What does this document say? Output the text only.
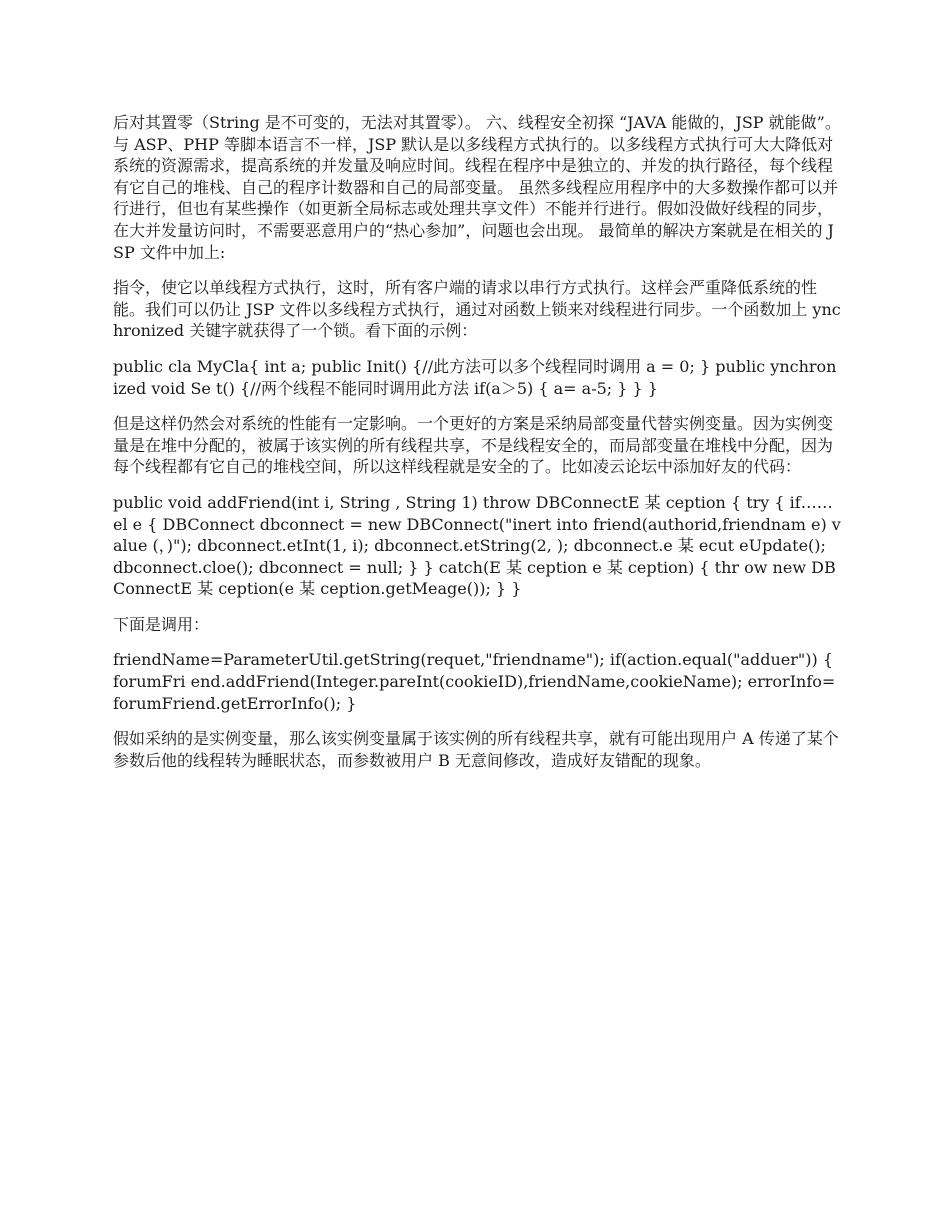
后对其置零（String 是不可变的，无法对其置零）。 六、线程安全初探 “JAVA 能做的，JSP 就能做”。与 ASP、PHP 等脚本语言不一样，JSP 默认是以多线程方式执行的。以多线程方式执行可大大降低对系统的资源需求，提高系统的并发量及响应时间。线程在程序中是独立的、并发的执行路径，每个线程有它自己的堆栈、自己的程序计数器和自己的局部变量。 虽然多线程应用程序中的大多数操作都可以并行进行，但也有某些操作（如更新全局标志或处理共享文件）不能并行进行。假如没做好线程的同步，在大并发量访问时，不需要恶意用户的“热心参加”，问题也会出现。 最简单的解决方案就是在相关的 JSP 文件中加上:

指令，使它以单线程方式执行，这时，所有客户端的请求以串行方式执行。这样会严重降低系统的性能。我们可以仍让 JSP 文件以多线程方式执行，通过对函数上锁来对线程进行同步。一个函数加上 ynchronized 关键字就获得了一个锁。看下面的示例：

public cla MyCla{ int a; public Init() {//此方法可以多个线程同时调用 a = 0; } public ynchronized void Se t() {//两个线程不能同时调用此方法 if(a＞5) { a= a-5; } } }

但是这样仍然会对系统的性能有一定影响。一个更好的方案是采纳局部变量代替实例变量。因为实例变量是在堆中分配的，被属于该实例的所有线程共享，不是线程安全的，而局部变量在堆栈中分配，因为每个线程都有它自己的堆栈空间，所以这样线程就是安全的了。比如凌云论坛中添加好友的代码：

public void addFriend(int i, String , String 1) throw DBConnectE 某 ception { try { if…… el e { DBConnect dbconnect = new DBConnect("inert into friend(authorid,friendnam e) value (，)"); dbconnect.etInt(1, i); dbconnect.etString(2, ); dbconnect.e 某 ecut eUpdate(); dbconnect.cloe(); dbconnect = null; } } catch(E 某 ception e 某 ception) { thr ow new DBConnectE 某 ception(e 某 ception.getMeage()); } }

下面是调用：

friendName=ParameterUtil.getString(requet,"friendname"); if(action.equal("adduer")) { forumFri end.addFriend(Integer.pareInt(cookieID),friendName,cookieName); errorInfo=forumFriend.getErrorInfo(); }

假如采纳的是实例变量，那么该实例变量属于该实例的所有线程共享，就有可能出现用户 A 传递了某个参数后他的线程转为睡眠状态，而参数被用户 B 无意间修改，造成好友错配的现象。
